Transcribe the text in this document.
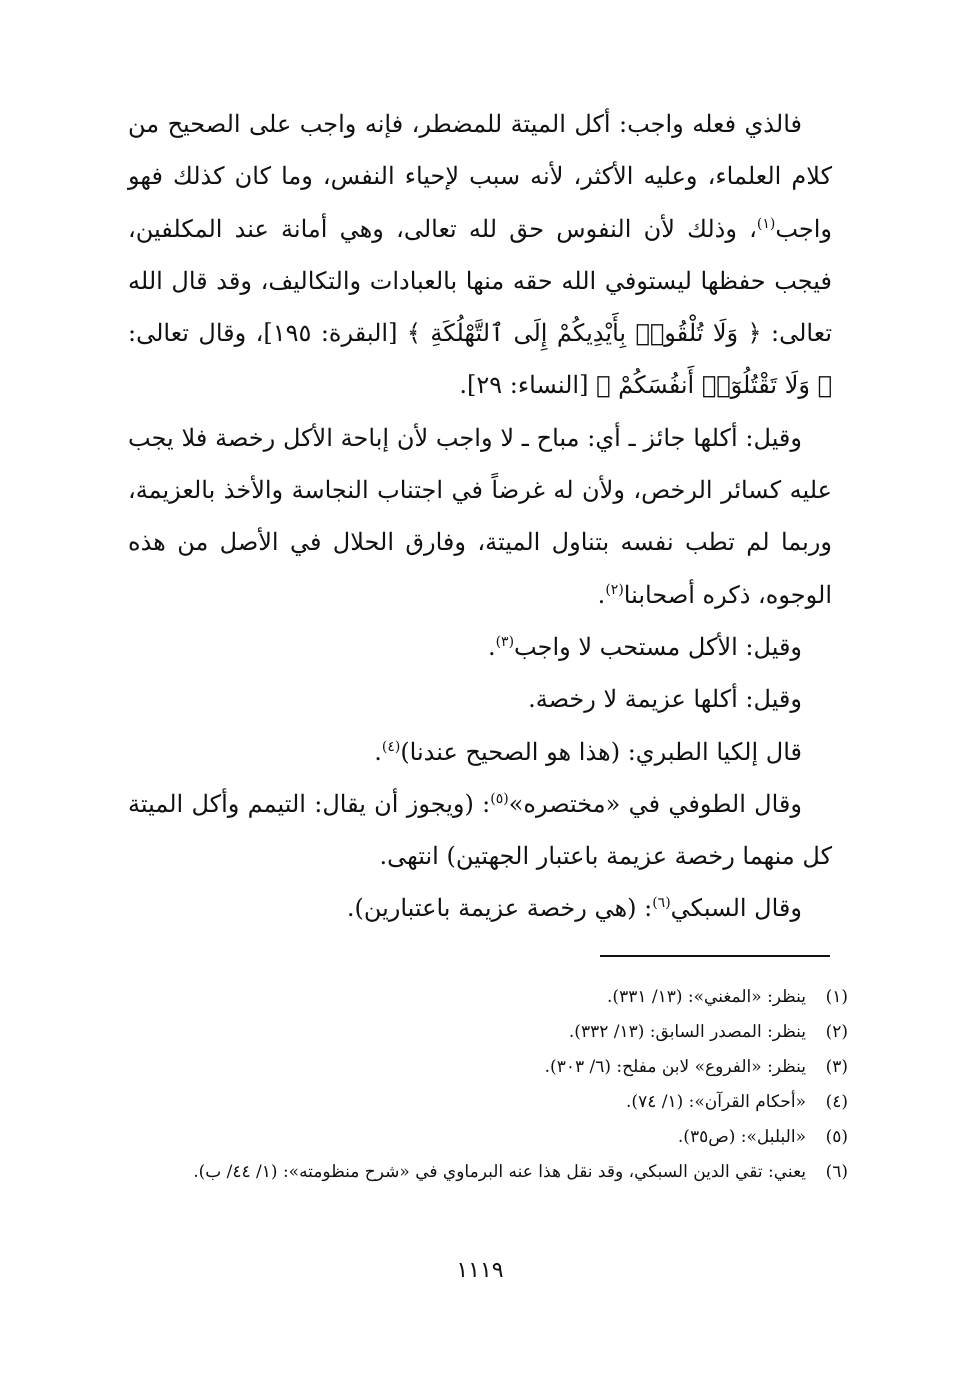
فالذي فعله واجب: أكل الميتة للمضطر، فإنه واجب على الصحيح من كلام العلماء، وعليه الأكثر، لأنه سبب لإحياء النفس، وما كان كذلك فهو واجب$^{(١)}$، وذلك لأن النفوس حق لله تعالى، وهي أمانة عند المكلفين، فيجب حفظها ليستوفي الله حقه منها بالعبادات والتكاليف، وقد قال الله تعالى: ﴿ وَلَا تُلْقُوا۟ بِأَيْدِيكُمْ إِلَى ٱلتَّهْلُكَةِ ﴾ [البقرة: ١٩٥]، وقال تعالى: ﴿ وَلَا تَقْتُلُوٓا۟ أَنفُسَكُمْ ﴾ [النساء: ٢٩].

وقيل: أكلها جائز ـ أي: مباح ـ لا واجب لأن إباحة الأكل رخصة فلا يجب عليه كسائر الرخص، ولأن له غرضاً في اجتناب النجاسة والأخذ بالعزيمة، وربما لم تطب نفسه بتناول الميتة، وفارق الحلال في الأصل من هذه الوجوه، ذكره أصحابنا$^{(٢)}$.

وقيل: الأكل مستحب لا واجب$^{(٣)}$.

وقيل: أكلها عزيمة لا رخصة.

قال إلكيا الطبري: (هذا هو الصحيح عندنا)$^{(٤)}$.

وقال الطوفي في «مختصره»$^{(٥)}$: (ويجوز أن يقال: التيمم وأكل الميتة كل منهما رخصة عزيمة باعتبار الجهتين) انتهى.

وقال السبكي$^{(٦)}$: (هي رخصة عزيمة باعتبارين).

(١)
ينظر: «المغني»: (١٣/ ٣٣١).
(٢)
ينظر: المصدر السابق: (١٣/ ٣٣٢).
(٣)
ينظر: «الفروع» لابن مفلح: (٦/ ٣٠٣).
(٤)
«أحكام القرآن»: (١/ ٧٤).
(٥)
«البلبل»: (ص٣٥).
(٦)
يعني: تقي الدين السبكي، وقد نقل هذا عنه البرماوي في «شرح منظومته»: (١/ ٤٤/ ب).
١١١٩
